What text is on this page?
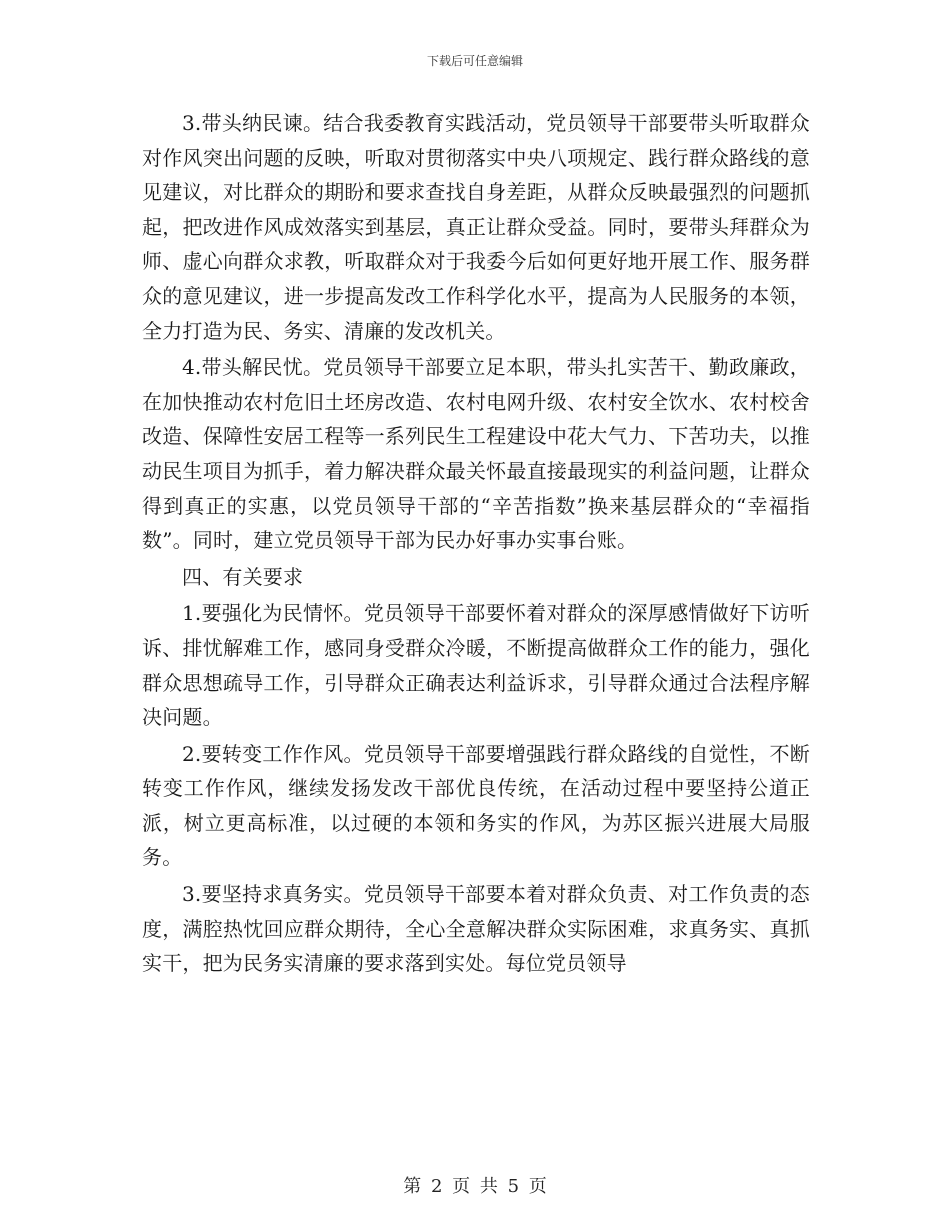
下载后可任意编辑

3.带头纳民谏。结合我委教育实践活动，党员领导干部要带头听取群众对作风突出问题的反映，听取对贯彻落实中央八项规定、践行群众路线的意见建议，对比群众的期盼和要求查找自身差距，从群众反映最强烈的问题抓起，把改进作风成效落实到基层，真正让群众受益。同时，要带头拜群众为师、虚心向群众求教，听取群众对于我委今后如何更好地开展工作、服务群众的意见建议，进一步提高发改工作科学化水平，提高为人民服务的本领，全力打造为民、务实、清廉的发改机关。

4.带头解民忧。党员领导干部要立足本职，带头扎实苦干、勤政廉政，在加快推动农村危旧土坯房改造、农村电网升级、农村安全饮水、农村校舍改造、保障性安居工程等一系列民生工程建设中花大气力、下苦功夫，以推动民生项目为抓手，着力解决群众最关怀最直接最现实的利益问题，让群众得到真正的实惠，以党员领导干部的“辛苦指数”换来基层群众的“幸福指数”。同时，建立党员领导干部为民办好事办实事台账。

四、有关要求

1.要强化为民情怀。党员领导干部要怀着对群众的深厚感情做好下访听诉、排忧解难工作，感同身受群众冷暖，不断提高做群众工作的能力，强化群众思想疏导工作，引导群众正确表达利益诉求，引导群众通过合法程序解决问题。

2.要转变工作作风。党员领导干部要增强践行群众路线的自觉性，不断转变工作作风，继续发扬发改干部优良传统，在活动过程中要坚持公道正派，树立更高标准，以过硬的本领和务实的作风，为苏区振兴进展大局服务。

3.要坚持求真务实。党员领导干部要本着对群众负责、对工作负责的态度，满腔热忱回应群众期待，全心全意解决群众实际困难，求真务实、真抓实干，把为民务实清廉的要求落到实处。每位党员领导

第 2 页 共 5 页
